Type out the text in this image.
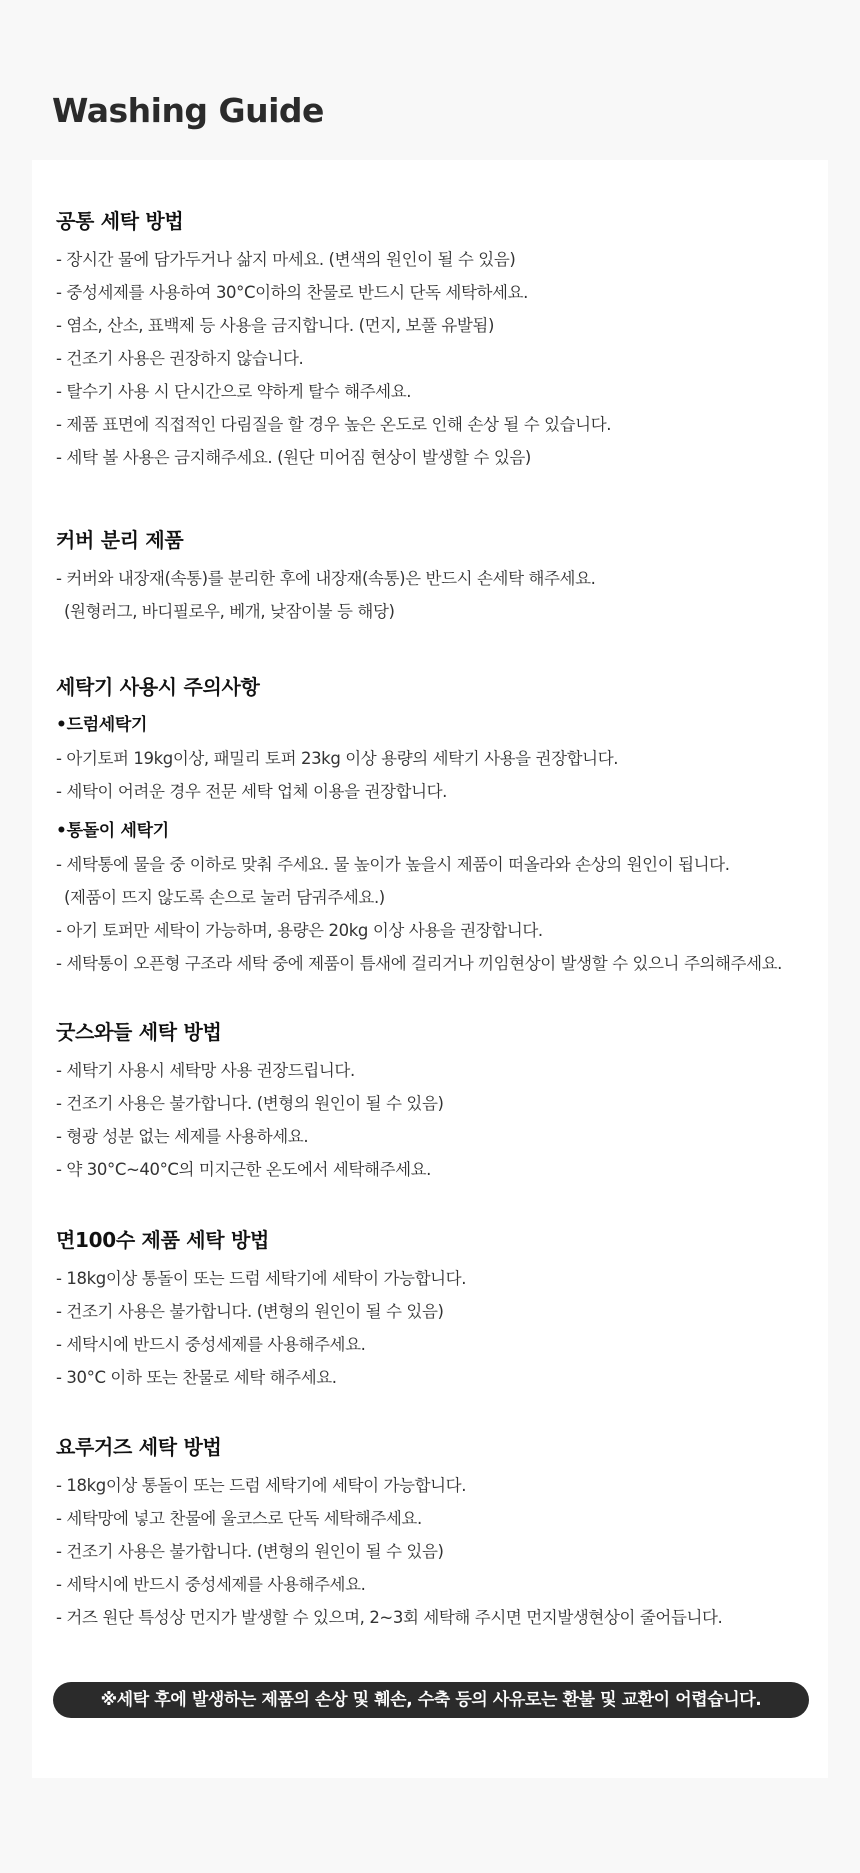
Washing Guide
공통 세탁 방법
- 장시간 물에 담가두거나 삶지 마세요. (변색의 원인이 될 수 있음)
- 중성세제를 사용하여 30°C이하의 찬물로 반드시 단독 세탁하세요.
- 염소, 산소, 표백제 등 사용을 금지합니다. (먼지, 보풀 유발됨)
- 건조기 사용은 권장하지 않습니다.
- 탈수기 사용 시 단시간으로 약하게 탈수 해주세요.
- 제품 표면에 직접적인 다림질을 할 경우 높은 온도로 인해 손상 될 수 있습니다.
- 세탁 볼 사용은 금지해주세요. (원단 미어짐 현상이 발생할 수 있음)
커버 분리 제품
- 커버와 내장재(속통)를 분리한 후에 내장재(속통)은 반드시 손세탁 해주세요.
(원형러그, 바디필로우, 베개, 낮잠이불 등 해당)
세탁기 사용시 주의사항
•드럼세탁기
- 아기토퍼 19kg이상, 패밀리 토퍼 23kg 이상 용량의 세탁기 사용을 권장합니다.
- 세탁이 어려운 경우 전문 세탁 업체 이용을 권장합니다.
•통돌이 세탁기
- 세탁통에 물을 중 이하로 맞춰 주세요. 물 높이가 높을시 제품이 떠올라와 손상의 원인이 됩니다.
(제품이 뜨지 않도록 손으로 눌러 담궈주세요.)
- 아기 토퍼만 세탁이 가능하며, 용량은 20kg 이상 사용을 권장합니다.
- 세탁통이 오픈형 구조라 세탁 중에 제품이 틈새에 걸리거나 끼임현상이 발생할 수 있으니 주의해주세요.
굿스와들 세탁 방법
- 세탁기 사용시 세탁망 사용 권장드립니다.
- 건조기 사용은 불가합니다. (변형의 원인이 될 수 있음)
- 형광 성분 없는 세제를 사용하세요.
- 약 30°C~40°C의 미지근한 온도에서 세탁해주세요.
면100수 제품 세탁 방법
- 18kg이상 통돌이 또는 드럼 세탁기에 세탁이 가능합니다.
- 건조기 사용은 불가합니다. (변형의 원인이 될 수 있음)
- 세탁시에 반드시 중성세제를 사용해주세요.
- 30°C 이하 또는 찬물로 세탁 해주세요.
요루거즈 세탁 방법
- 18kg이상 통돌이 또는 드럼 세탁기에 세탁이 가능합니다.
- 세탁망에 넣고 찬물에 울코스로 단독 세탁해주세요.
- 건조기 사용은 불가합니다. (변형의 원인이 될 수 있음)
- 세탁시에 반드시 중성세제를 사용해주세요.
- 거즈 원단 특성상 먼지가 발생할 수 있으며, 2~3회 세탁해 주시면 먼지발생현상이 줄어듭니다.
※세탁 후에 발생하는 제품의 손상 및 훼손, 수축 등의 사유로는 환불 및 교환이 어렵습니다.
